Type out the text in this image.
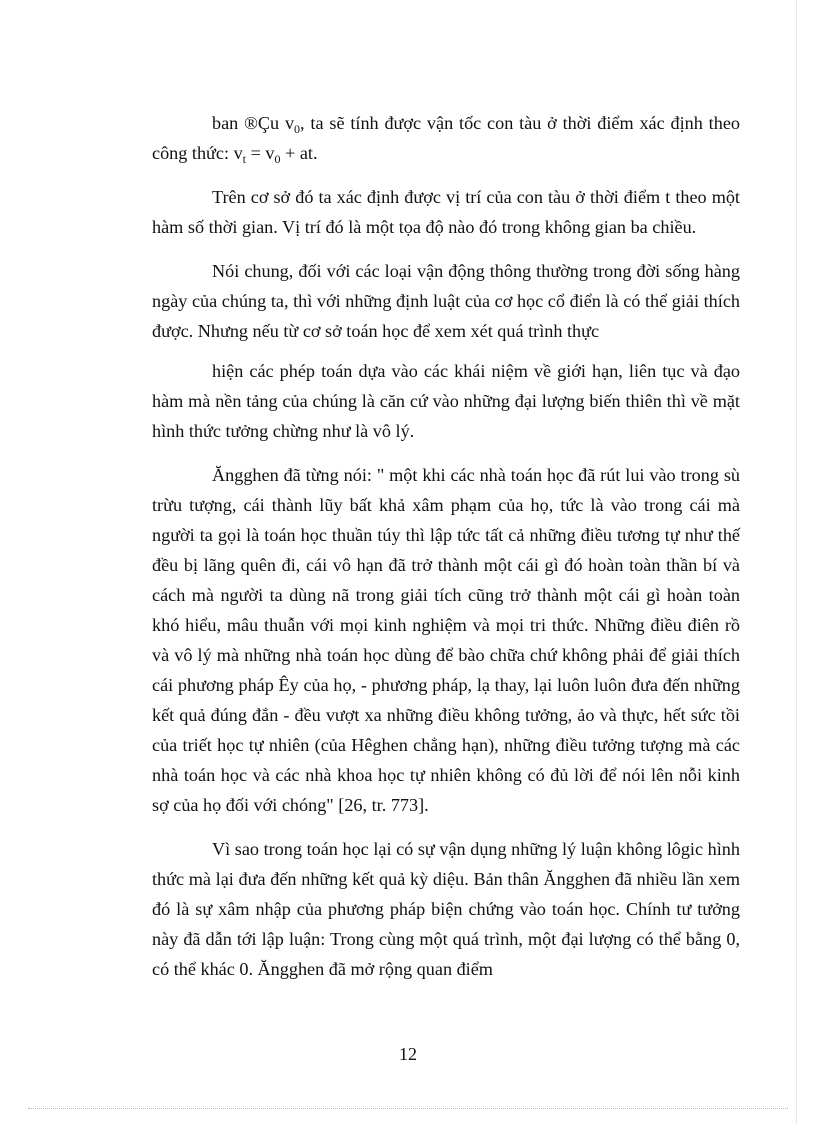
ban ®Çu $v_0$, ta sẽ tính được vận tốc con tàu ở thời điểm xác định theo công thức: $v_t = v_0$ + at.

Trên cơ sở đó ta xác định được vị trí của con tàu ở thời điểm t theo một hàm số thời gian. Vị trí đó là một tọa độ nào đó trong không gian ba chiều.

Nói chung, đối với các loại vận động thông thường trong đời sống hàng ngày của chúng ta, thì với những định luật của cơ học cổ điển là có thể giải thích được. Nhưng nếu từ cơ sở toán học để xem xét quá trình thực

hiện các phép toán dựa vào các khái niệm về giới hạn, liên tục và đạo hàm mà nền tảng của chúng là căn cứ vào những đại lượng biến thiên thì về mặt hình thức tưởng chừng như là vô lý.

Ăngghen đã từng nói: " một khi các nhà toán học đã rút lui vào trong sù trừu tượng, cái thành lũy bất khả xâm phạm của họ, tức là vào trong cái mà người ta gọi là toán học thuần túy thì lập tức tất cả những điều tương tự như thế đều bị lãng quên đi, cái vô hạn đã trở thành một cái gì đó hoàn toàn thần bí và cách mà người ta dùng nã trong giải tích cũng trở thành một cái gì hoàn toàn khó hiểu, mâu thuẫn với mọi kinh nghiệm và mọi tri thức. Những điều điên rồ và vô lý mà những nhà toán học dùng để bào chữa chứ không phải để giải thích cái phương pháp Êy của họ, - phương pháp, lạ thay, lại luôn luôn đưa đến những kết quả đúng đắn - đều vượt xa những điều không tưởng, ảo và thực, hết sức tồi của triết học tự nhiên (của Hêghen chẳng hạn), những điều tưởng tượng mà các nhà toán học và các nhà khoa học tự nhiên không có đủ lời để nói lên nỗi kinh sợ của họ đối với chóng" [26, tr. 773].

Vì sao trong toán học lại có sự vận dụng những lý luận không lôgic hình thức mà lại đưa đến những kết quả kỳ diệu. Bản thân Ăngghen đã nhiều lần xem đó là sự xâm nhập của phương pháp biện chứng vào toán học. Chính tư tưởng này đã dẫn tới lập luận: Trong cùng một quá trình, một đại lượng có thể bằng 0, có thể khác 0. Ăngghen đã mở rộng quan điểm

12
